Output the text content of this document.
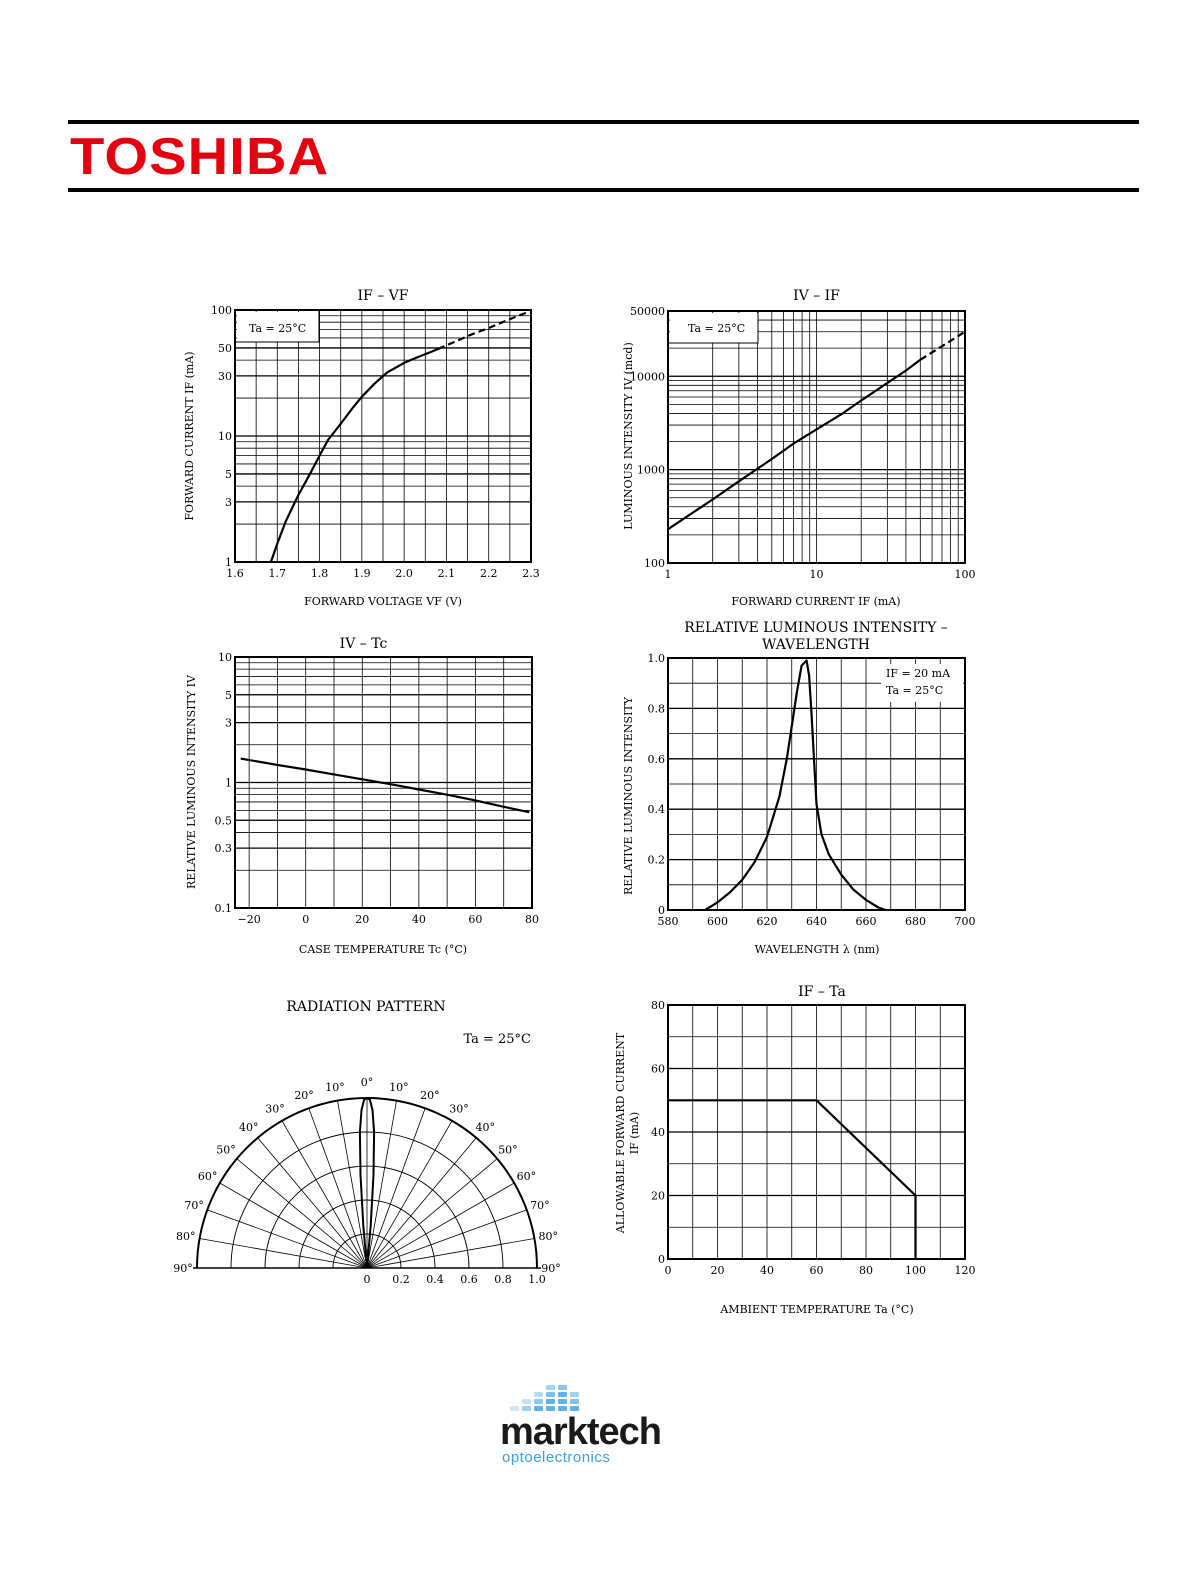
TOSHIBA
1.6 1.7 1.8 1.9 2.0 2.1 2.2 2.3
1
3
5
10
30
50
100
IF – VF
Ta = 25°C
FORWARD VOLTAGE VF (V)
FORWARD CURRENT IF (mA)
1	10	100
100
1000
10000
50000
IV – IF
Ta = 25°C
FORWARD CURRENT IF (mA)
LUMINOUS INTENSITY IV (mcd)
−20	0	20	40	60	80
0.1
0.3
0.5
1
3
5
10
IV – Tc
CASE TEMPERATURE Tc (°C)
RELATIVE LUMINOUS INTENSITY IV
580	600	620	640	660	680	700
0
0.2
0.4
0.6
0.8
1.0
RELATIVE LUMINOUS INTENSITY –
WAVELENGTH
IF = 20 mA
Ta = 25°C
WAVELENGTH λ (nm)
RELATIVE LUMINOUS INTENSITY
0	20	40	60	80	100	120
0
20
40
60
80
IF – Ta
AMBIENT TEMPERATURE Ta (°C)
ALLOWABLE FORWARD CURRENT IF (mA)
RADIATION PATTERN
Ta = 25°C
0° 10°
10°
20°
20°
30°
30°
40°
40°
50°
50°
60°
60°
70°
70°
80°
80°
90°
90°
0 0.2 0.4 0.6 0.8 1.0

marktech

optoelectronics
